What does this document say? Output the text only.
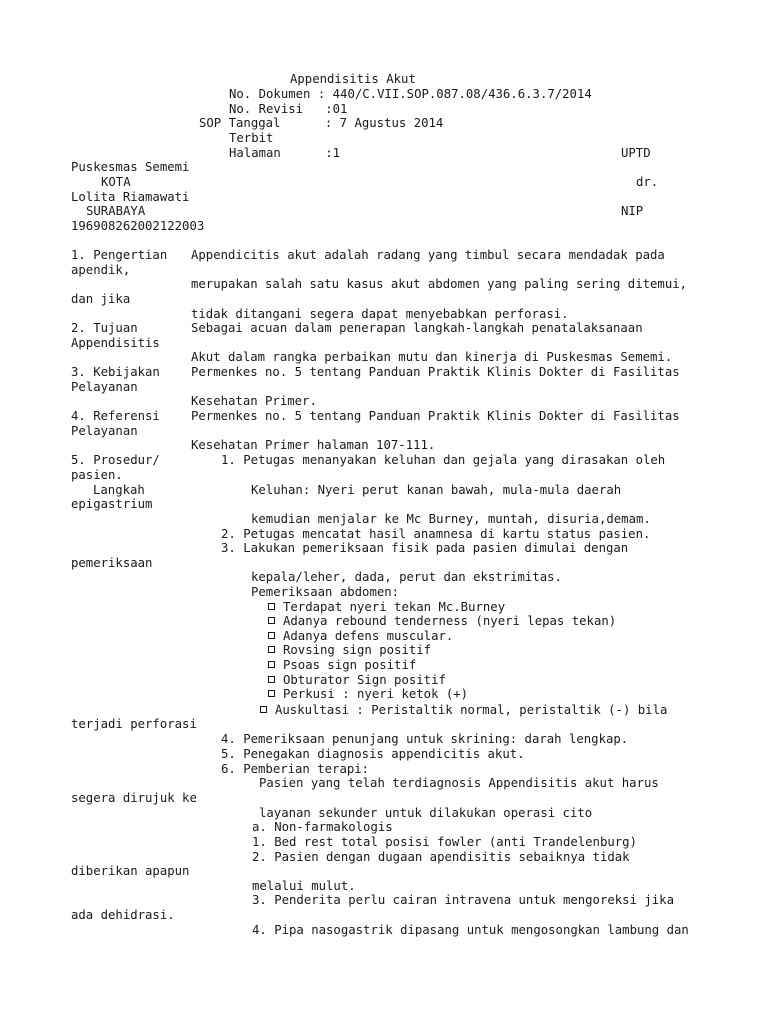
Appendisitis Akut
No. Dokumen : 440/C.VII.SOP.087.08/436.6.3.7/2014
No. Revisi   :01
SOP Tanggal      : 7 Agustus 2014
Terbit
Halaman      :1	UPTD
Puskesmas Sememi
KOTA	dr.
Lolita Riamawati
SURABAYA	NIP
196908262002122003
1. Pengertian Appendicitis akut adalah radang yang timbul secara mendadak pada
apendik,
merupakan salah satu kasus akut abdomen yang paling sering ditemui,
dan jika
tidak ditangani segera dapat menyebabkan perforasi.
2. Tujuan	Sebagai acuan dalam penerapan langkah-langkah penatalaksanaan
Appendisitis
Akut dalam rangka perbaikan mutu dan kinerja di Puskesmas Sememi.
3. Kebijakan	Permenkes no. 5 tentang Panduan Praktik Klinis Dokter di Fasilitas
Pelayanan
Kesehatan Primer.
4. Referensi	Permenkes no. 5 tentang Panduan Praktik Klinis Dokter di Fasilitas
Pelayanan
Kesehatan Primer halaman 107-111.
5. Prosedur/	1. Petugas menanyakan keluhan dan gejala yang dirasakan oleh
pasien.
Langkah	Keluhan: Nyeri perut kanan bawah, mula-mula daerah
epigastrium
kemudian menjalar ke Mc Burney, muntah, disuria,demam.
2. Petugas mencatat hasil anamnesa di kartu status pasien.
3. Lakukan pemeriksaan fisik pada pasien dimulai dengan
pemeriksaan
kepala/leher, dada, perut dan ekstrimitas.
Pemeriksaan abdomen:
Terdapat nyeri tekan Mc.Burney
Adanya rebound tenderness (nyeri lepas tekan)
Adanya defens muscular.
Rovsing sign positif
Psoas sign positif
Obturator Sign positif
Perkusi : nyeri ketok (+)
Auskultasi : Peristaltik normal, peristaltik (-) bila
terjadi perforasi
4. Pemeriksaan penunjang untuk skrining: darah lengkap.
5. Penegakan diagnosis appendicitis akut.
6. Pemberian terapi:
Pasien yang telah terdiagnosis Appendisitis akut harus
segera dirujuk ke
layanan sekunder untuk dilakukan operasi cito
a. Non-farmakologis
1. Bed rest total posisi fowler (anti Trandelenburg)
2. Pasien dengan dugaan apendisitis sebaiknya tidak
diberikan apapun
melalui mulut.
3. Penderita perlu cairan intravena untuk mengoreksi jika
ada dehidrasi.
4. Pipa nasogastrik dipasang untuk mengosongkan lambung dan
